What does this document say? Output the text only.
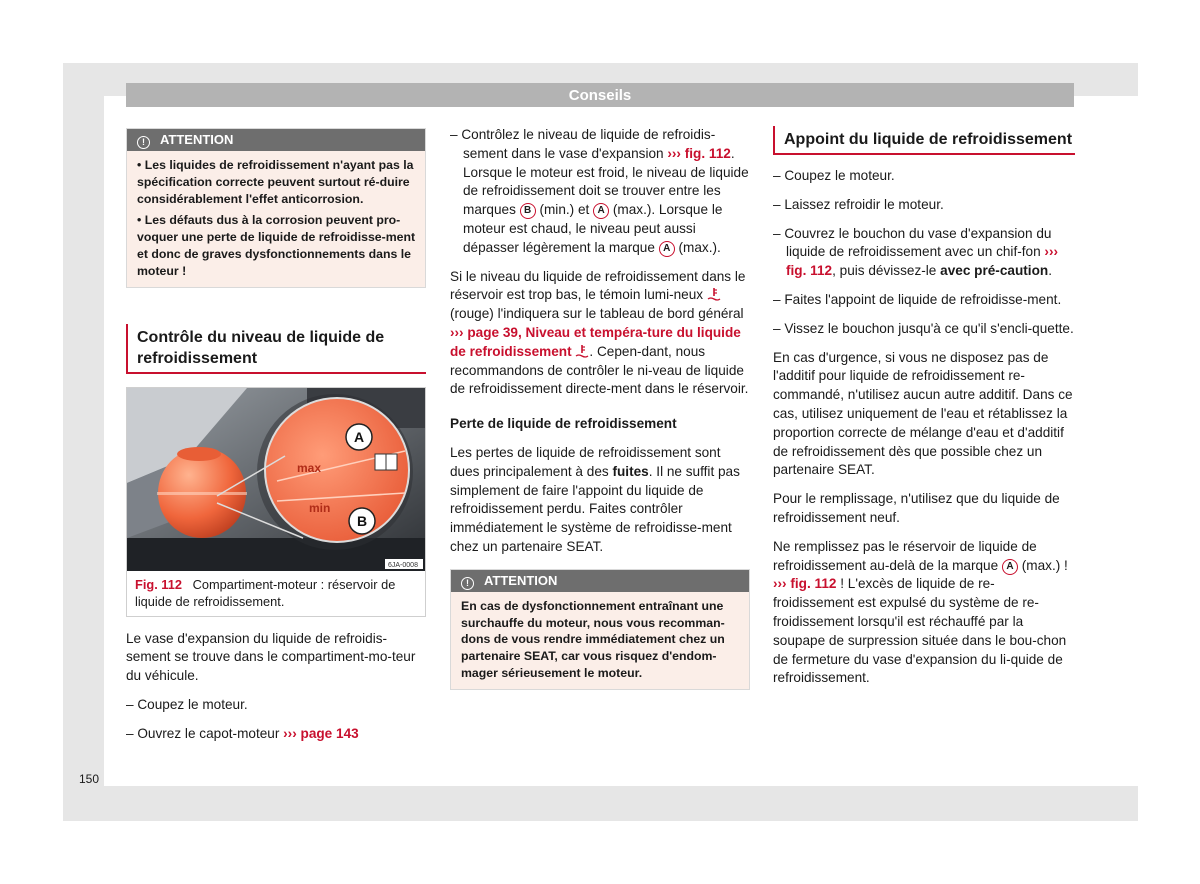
Conseils
! ATTENTION

• Les liquides de refroidissement n'ayant pas la spécification correcte peuvent surtout ré-duire considérablement l'effet anticorrosion.

• Les défauts dus à la corrosion peuvent pro-voquer une perte de liquide de refroidisse-ment et donc de graves dysfonctionnements dans le moteur !

Contrôle du niveau de liquide de refroidissement
max
min
A
B
6JA-0008
Fig. 112 Compartiment-moteur : réservoir de liquide de refroidissement.

Le vase d'expansion du liquide de refroidis-sement se trouve dans le compartiment-mo-teur du véhicule.

– Coupez le moteur.

– Ouvrez le capot-moteur ››› page 143

– Contrôlez le niveau de liquide de refroidis-sement dans le vase d'expansion ››› fig. 112. Lorsque le moteur est froid, le niveau de liquide de refroidissement doit se trouver entre les marques B (min.) et A (max.). Lorsque le moteur est chaud, le niveau peut aussi dépasser légèrement la marque A (max.).

Si le niveau du liquide de refroidissement dans le réservoir est trop bas, le témoin lumi-neux  (rouge) l'indiquera sur le tableau de bord général ››› page 39, Niveau et tempéra-ture du liquide de refroidissement . Cepen-dant, nous recommandons de contrôler le ni-veau de liquide de refroidissement directe-ment dans le réservoir.

Perte de liquide de refroidissement

Les pertes de liquide de refroidissement sont dues principalement à des fuites. Il ne suffit pas simplement de faire l'appoint du liquide de refroidissement perdu. Faites contrôler immédiatement le système de refroidisse-ment chez un partenaire SEAT.

! ATTENTION
En cas de dysfonctionnement entraînant une surchauffe du moteur, nous vous recomman-dons de vous rendre immédiatement chez un partenaire SEAT, car vous risquez d'endom-mager sérieusement le moteur.
Appoint du liquide de refroidissement

– Coupez le moteur.

– Laissez refroidir le moteur.

– Couvrez le bouchon du vase d'expansion du liquide de refroidissement avec un chif-fon ››› fig. 112, puis dévissez-le avec pré-caution.

– Faites l'appoint de liquide de refroidisse-ment.

– Vissez le bouchon jusqu'à ce qu'il s'encli-quette.

En cas d'urgence, si vous ne disposez pas de l'additif pour liquide de refroidissement re-commandé, n'utilisez aucun autre additif. Dans ce cas, utilisez uniquement de l'eau et rétablissez la proportion correcte de mélange d'eau et d'additif de refroidissement dès que possible chez un partenaire SEAT.

Pour le remplissage, n'utilisez que du liquide de refroidissement neuf.

Ne remplissez pas le réservoir de liquide de refroidissement au-delà de la marque A (max.) ! ››› fig. 112 ! L'excès de liquide de re-froidissement est expulsé du système de re-froidissement lorsqu'il est réchauffé par la soupape de surpression située dans le bou-chon de fermeture du vase d'expansion du li-quide de refroidissement.

150
